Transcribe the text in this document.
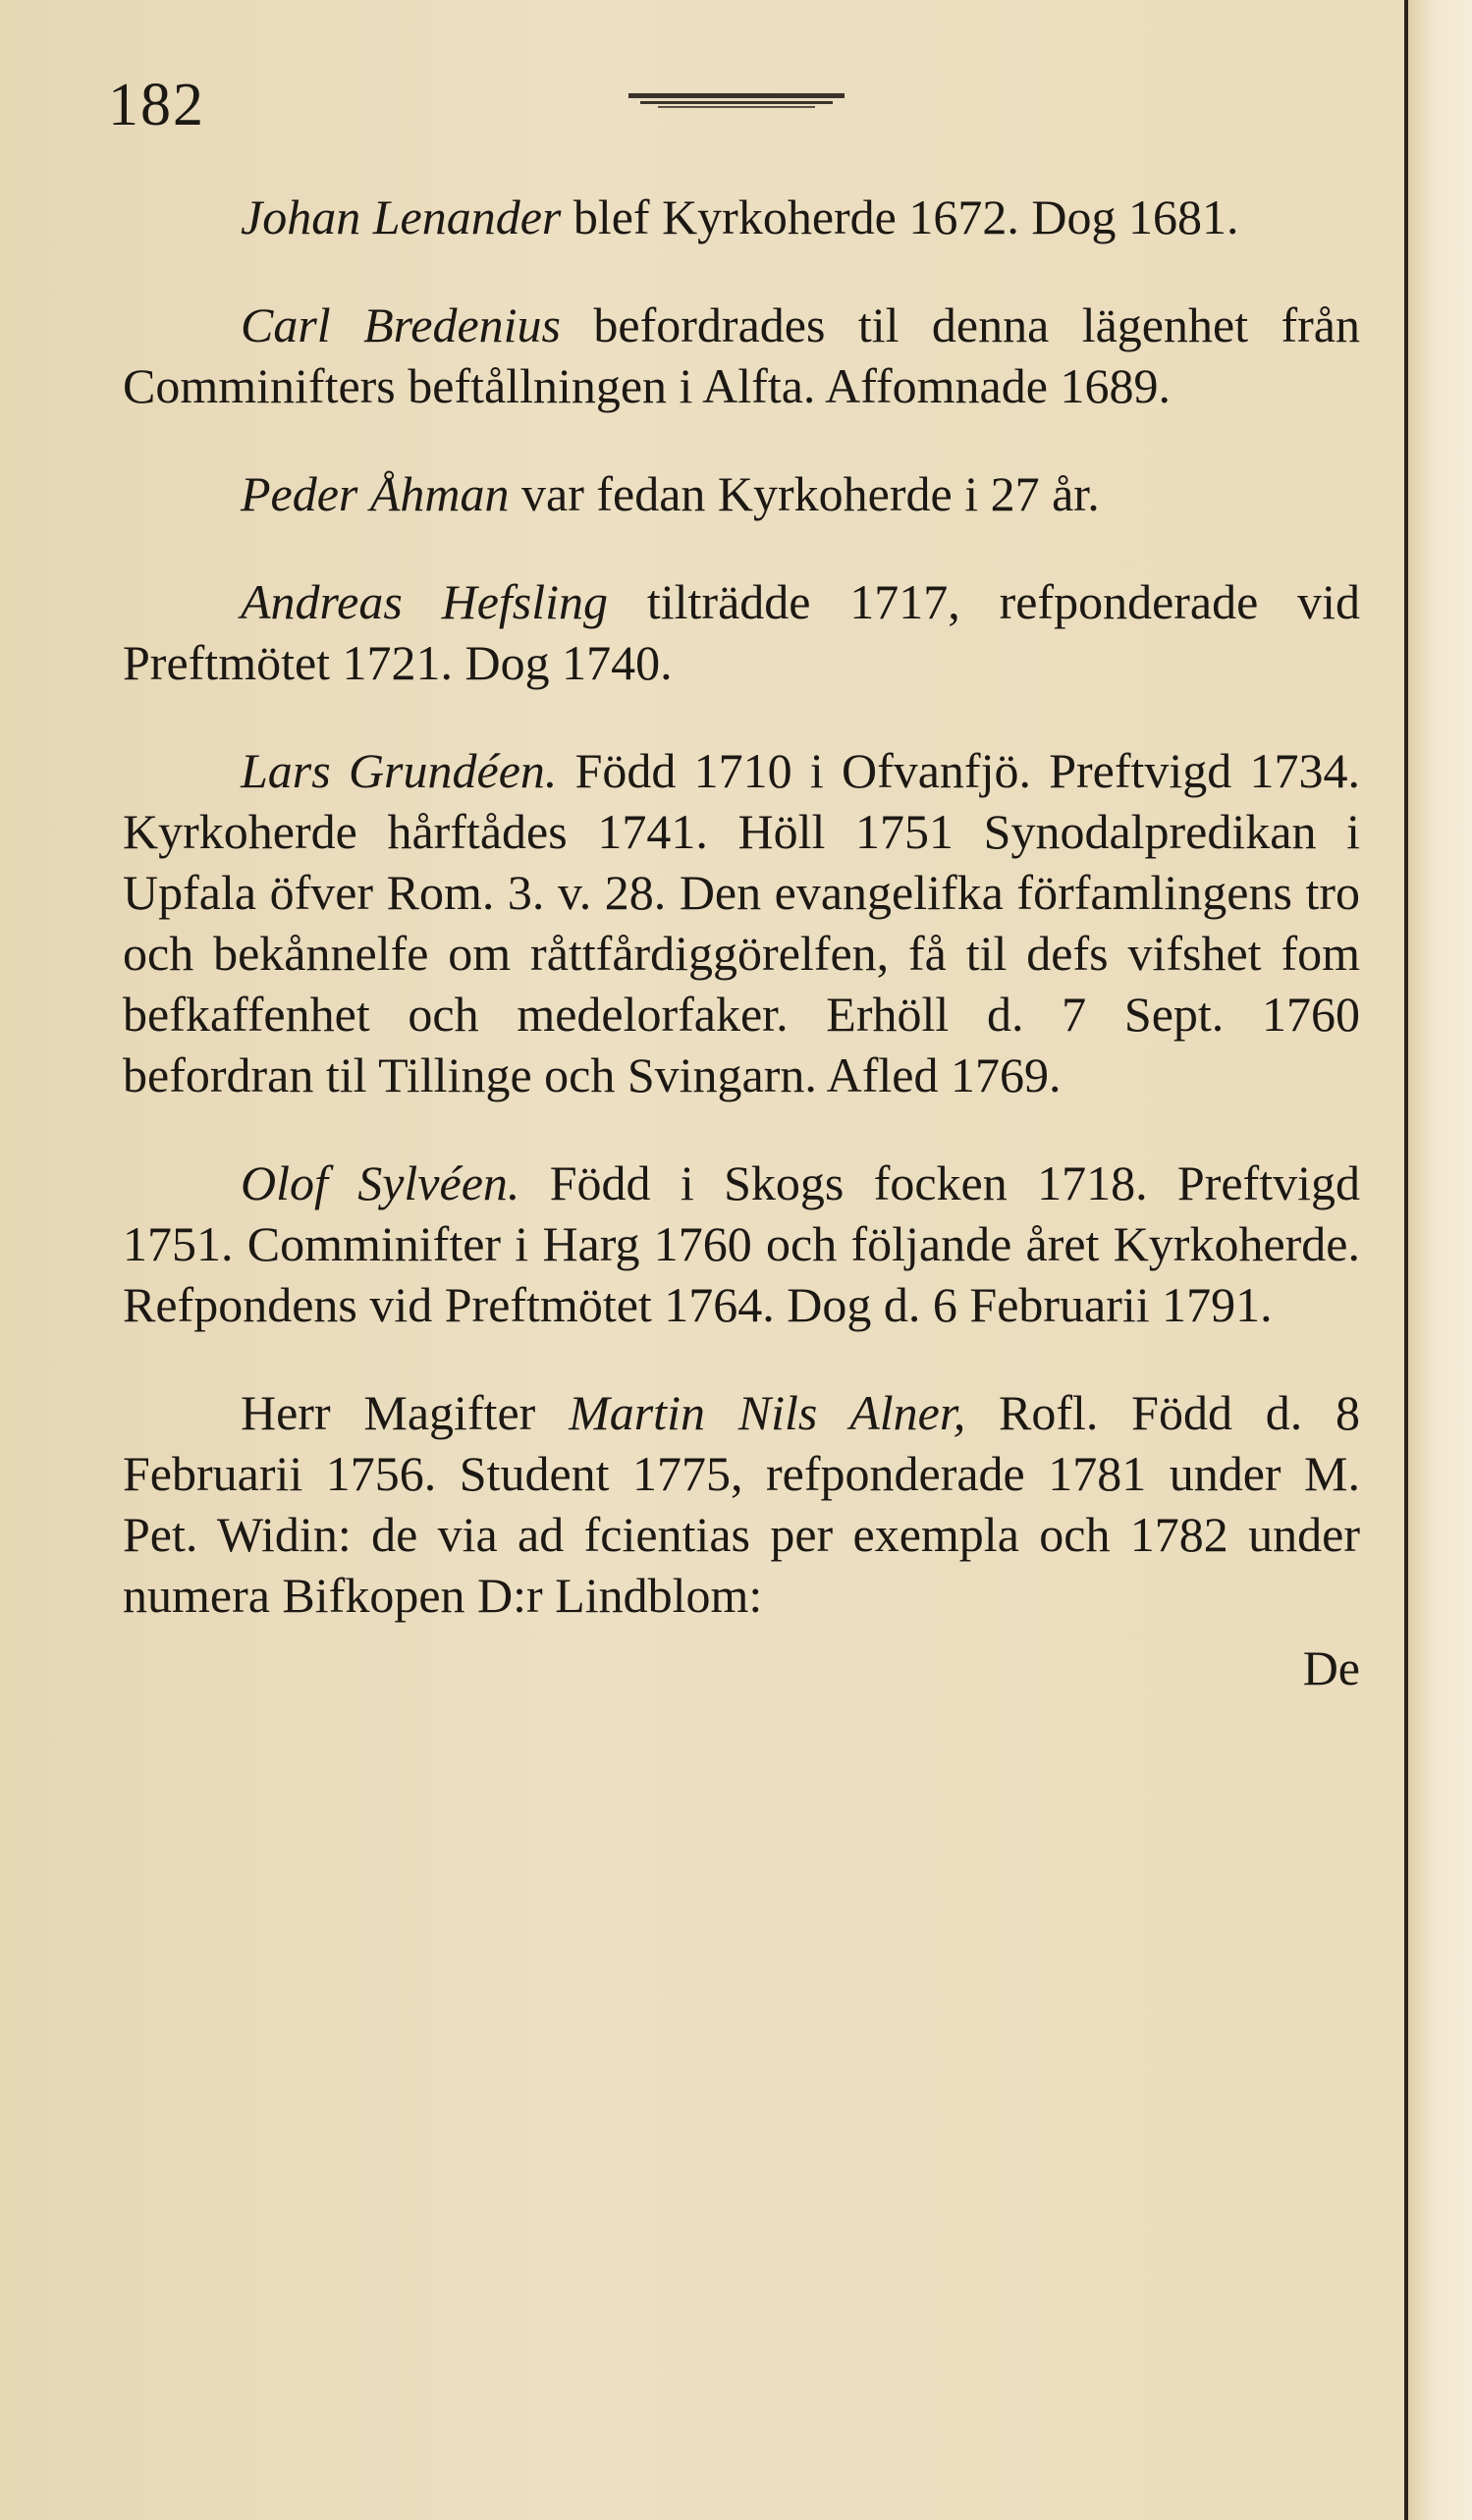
182

Johan Lenander blef Kyrkoherde 1672. Dog 1681.

Carl Bredenius befordrades til denna lägenhet från Comminifters beftållningen i Alfta. Affomnade 1689.

Peder Åhman var fedan Kyrkoherde i 27 år.

Andreas Hefsling tilträdde 1717, refponderade vid Preftmötet 1721. Dog 1740.

Lars Grundéen. Född 1710 i Ofvanfjö. Preftvigd 1734. Kyrkoherde hårftådes 1741. Höll 1751 Synodalpredikan i Upfala öfver Rom. 3. v. 28. Den evangelifka förfamlingens tro och bekånnelfe om råttfårdiggörelfen, få til defs vifshet fom befkaffenhet och medelorfaker. Erhöll d. 7 Sept. 1760 befordran til Tillinge och Svingarn. Afled 1769.

Olof Sylvéen. Född i Skogs focken 1718. Preftvigd 1751. Comminifter i Harg 1760 och följande året Kyrkoherde. Refpondens vid Preftmötet 1764. Dog d. 6 Februarii 1791.

Herr Magifter Martin Nils Alner, Rofl. Född d. 8 Februarii 1756. Student 1775, refponderade 1781 under M. Pet. Widin: de via ad fcientias per exempla och 1782 under numera Bifkopen D:r Lindblom:

De
